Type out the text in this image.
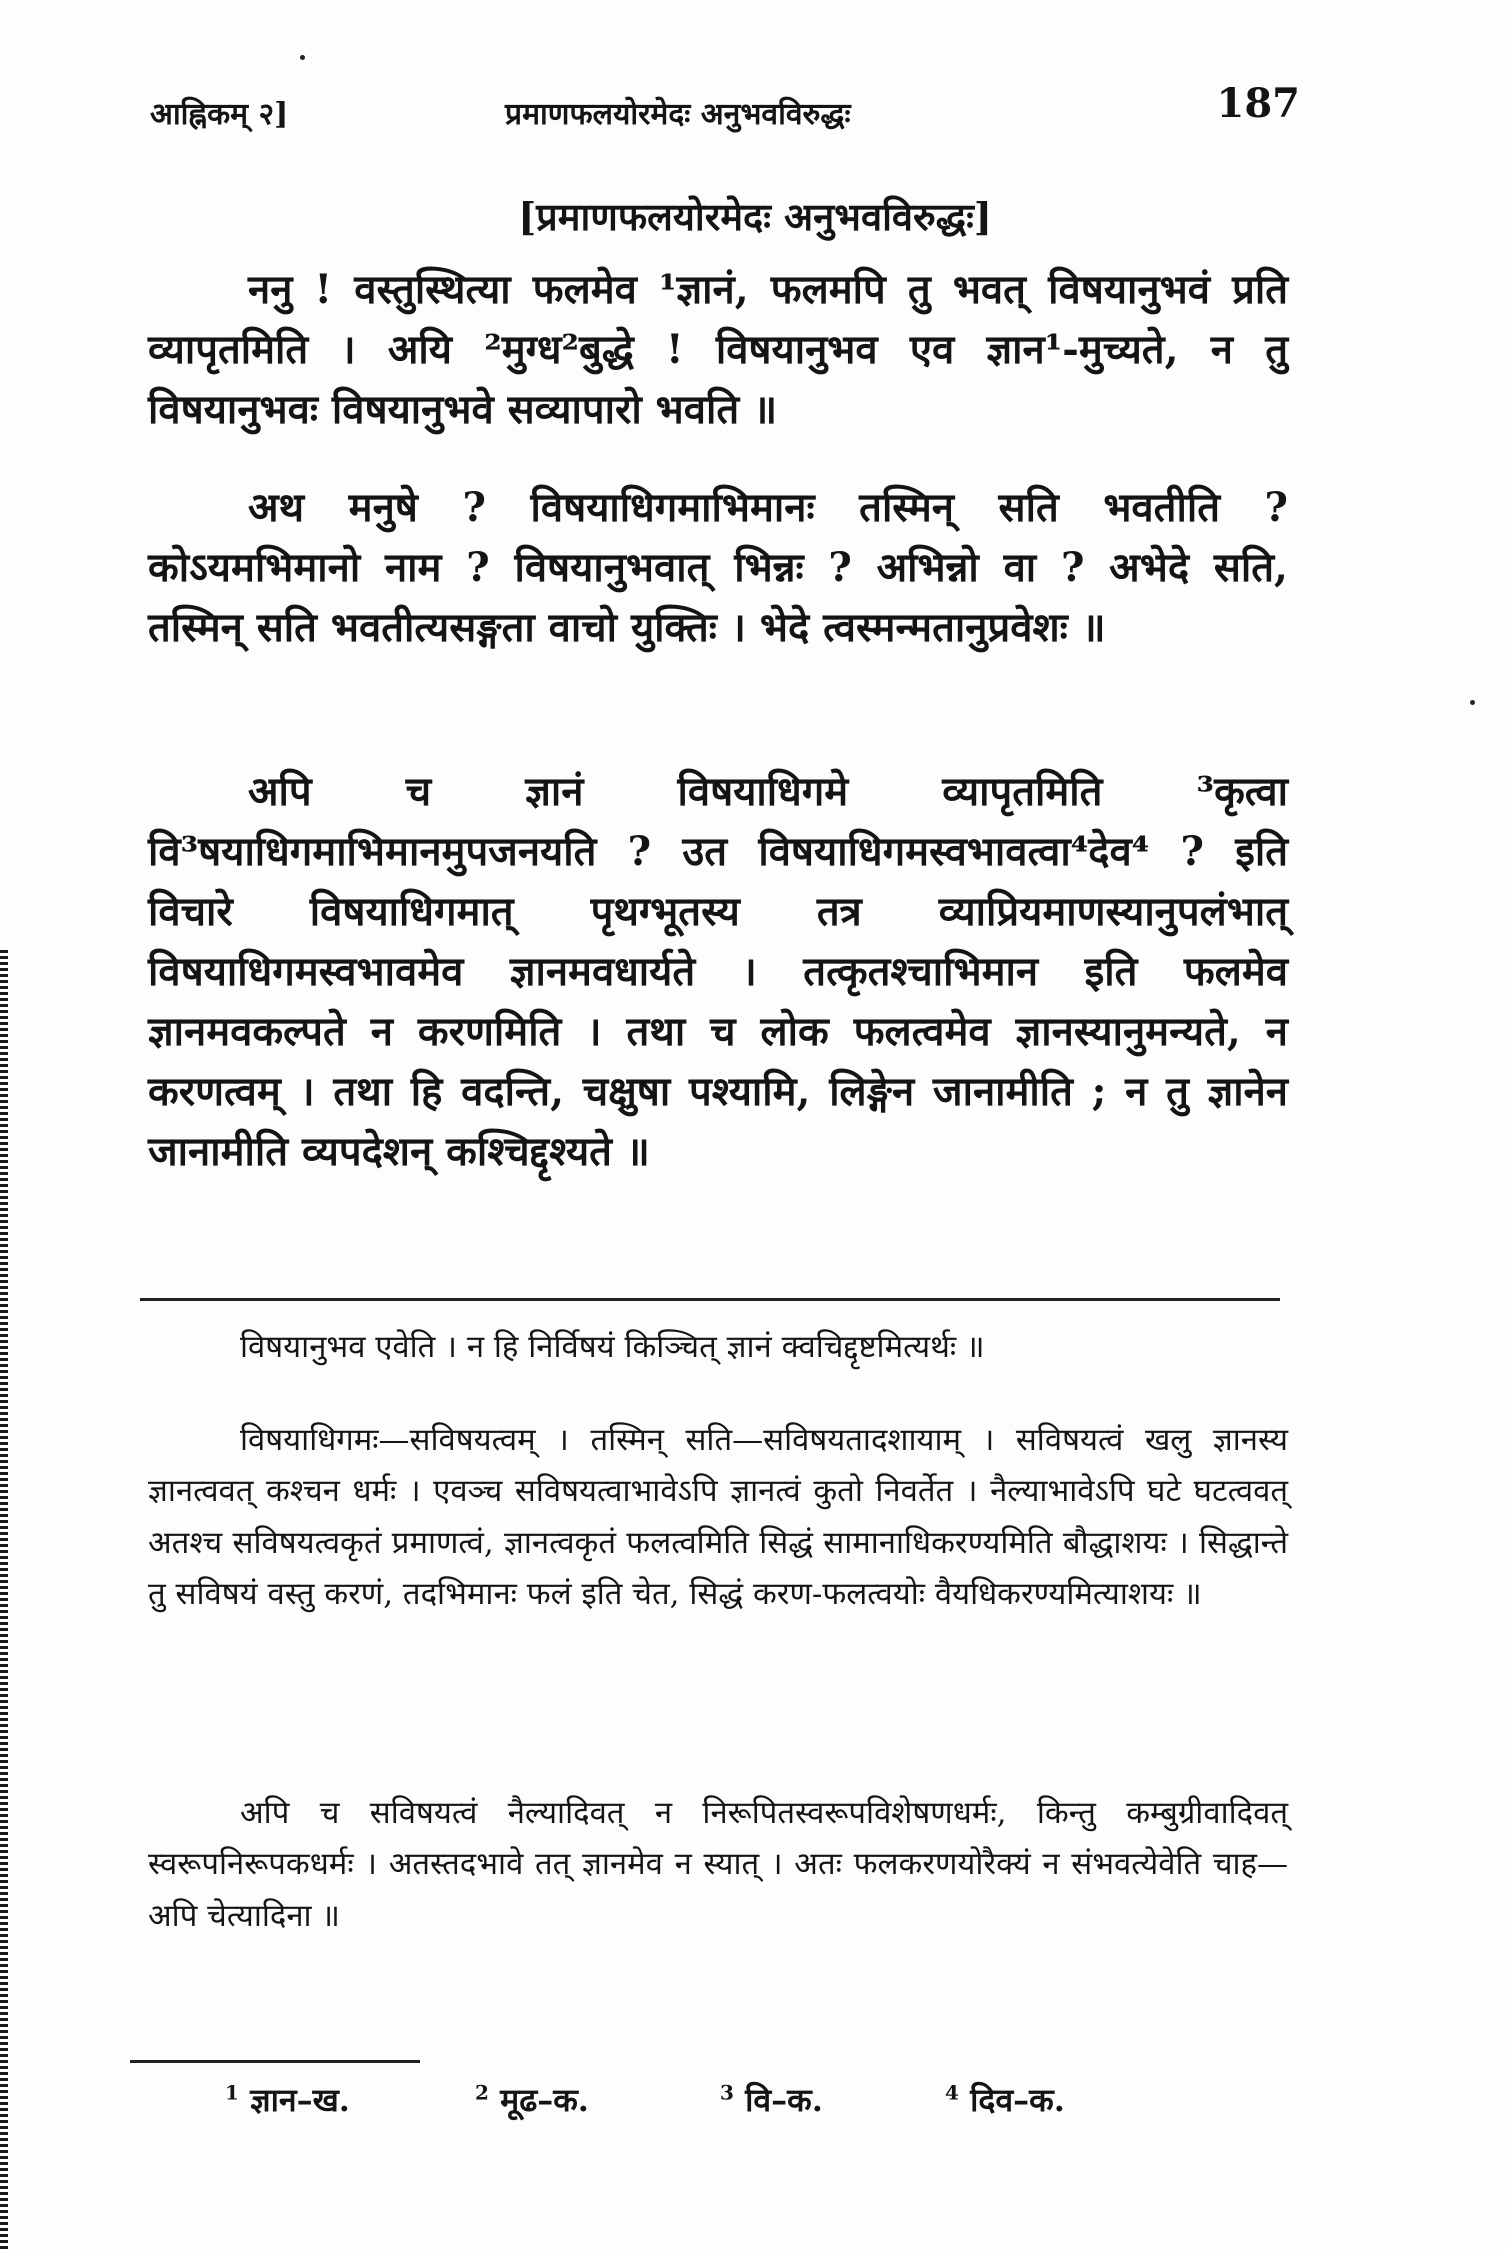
आह्निकम् २]	प्रमाणफलयोरमेदः अनुभवविरुद्धः	187
[प्रमाणफलयोरमेदः अनुभवविरुद्धः]

ननु ! वस्तुस्थित्या फलमेव ¹ज्ञानं, फलमपि तु भवत् विषयानुभवं प्रति व्यापृतमिति । अयि ²मुग्ध²बुद्धे ! विषयानुभव एव ज्ञान¹-मुच्यते, न तु विषयानुभवः विषयानुभवे सव्यापारो भवति ॥

अथ मनुषे ? विषयाधिगमाभिमानः तस्मिन् सति भवतीति ? कोऽयमभिमानो नाम ? विषयानुभवात् भिन्नः ? अभिन्नो वा ? अभेदे सति, तस्मिन् सति भवतीत्यसङ्गता वाचो युक्तिः । भेदे त्वस्मन्मतानुप्रवेशः ॥

अपि च ज्ञानं विषयाधिगमे व्यापृतमिति ³कृत्वा वि³षयाधिगमाभिमानमुपजनयति ? उत विषयाधिगमस्वभावत्वा⁴देव⁴ ? इति विचारे विषयाधिगमात् पृथग्भूतस्य तत्र व्याप्रियमाणस्यानुपलंभात् विषयाधिगमस्वभावमेव ज्ञानमवधार्यते । तत्कृतश्चाभिमान इति फलमेव ज्ञानमवकल्पते न करणमिति । तथा च लोक फलत्वमेव ज्ञानस्यानुमन्यते, न करणत्वम् । तथा हि वदन्ति, चक्षुषा पश्यामि, लिङ्गेन जानामीति ; न तु ज्ञानेन जानामीति व्यपदेशन् कश्चिद्दृश्यते ॥

विषयानुभव एवेति । न हि निर्विषयं किञ्चित् ज्ञानं क्वचिद्दृष्टमित्यर्थः ॥

विषयाधिगमः—सविषयत्वम् । तस्मिन् सति—सविषयतादशायाम् । सविषयत्वं खलु ज्ञानस्य ज्ञानत्ववत् कश्चन धर्मः । एवञ्च सविषयत्वाभावेऽपि ज्ञानत्वं कुतो निवर्तेत । नैल्याभावेऽपि घटे घटत्ववत् अतश्च सविषयत्वकृतं प्रमाणत्वं, ज्ञानत्वकृतं फलत्वमिति सिद्धं सामानाधिकरण्यमिति बौद्धाशयः । सिद्धान्ते तु सविषयं वस्तु करणं, तदभिमानः फलं इति चेत, सिद्धं करण-फलत्वयोः वैयधिकरण्यमित्याशयः ॥

अपि च सविषयत्वं नैल्यादिवत् न निरूपितस्वरूपविशेषणधर्मः, किन्तु कम्बुग्रीवादिवत् स्वरूपनिरूपकधर्मः । अतस्तदभावे तत् ज्ञानमेव न स्यात् । अतः फलकरणयोरैक्यं न संभवत्येवेति चाह—अपि चेत्यादिना ॥

$^1$ ज्ञान–ख.	$^2$ मूढ–क.	$^3$ वि–क.	$^4$ दिव–क.
